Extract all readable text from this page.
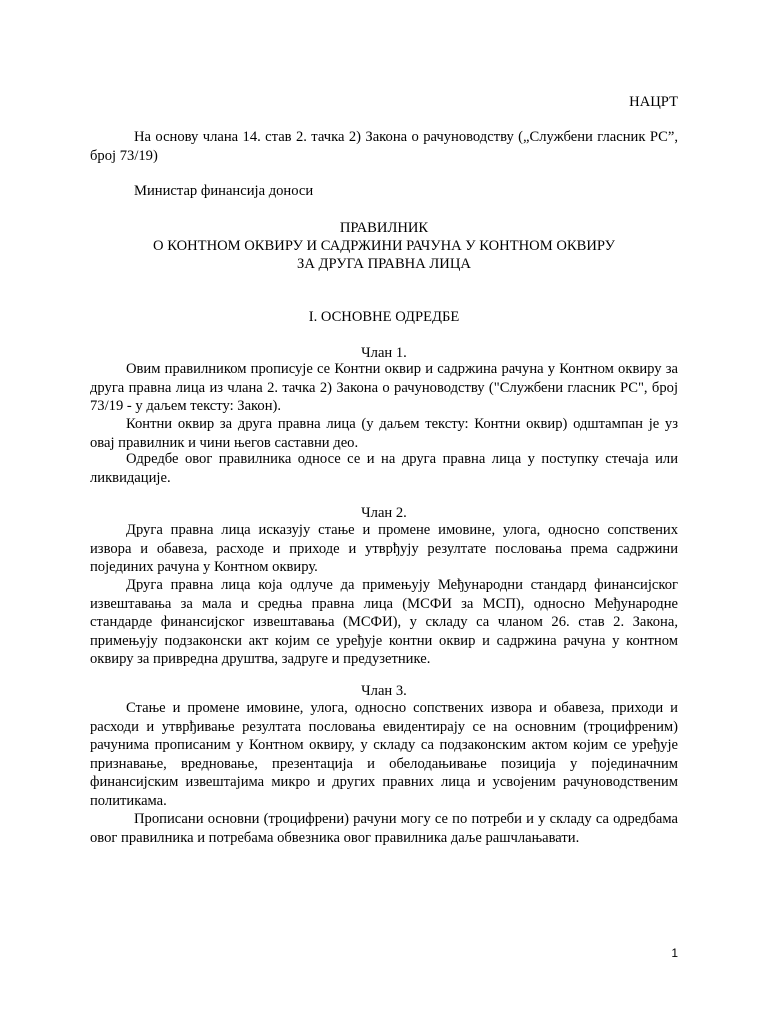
НАЦРТ

На основу члана 14. став 2. тачка 2) Закона о рачуноводству („Службени гласник РС”, број 73/19)

Министар финансија доноси

ПРАВИЛНИК

О КОНТНОМ ОКВИРУ И САДРЖИНИ РАЧУНА У КОНТНОМ ОКВИРУ

ЗА ДРУГА ПРАВНА ЛИЦА

I. ОСНОВНЕ ОДРЕДБЕ

Члан 1.

Овим правилником прописује се Контни оквир и садржина рачуна у Контном оквиру за друга правна лица из члана 2. тачка 2) Закона о рачуноводству ("Службени гласник РС", број 73/19 - у даљем тексту: Закон).

Контни оквир за друга правна лица (у даљем тексту: Контни оквир) одштампан је уз овај правилник и чини његов саставни део.

Одредбе овог правилника односе се и на друга правна лица у поступку стечаја или ликвидације.

Члан 2.

Друга правна лица исказују стање и промене имовине, улога, односно сопствених извора и обавеза, расходе и приходе и утврђују резултате пословања према садржини појединих рачуна у Контном оквиру.

Друга правна лица која одлуче да примењују Међународни стандард финансијског извештавања за мала и средња правна лица (МСФИ за МСП), односно Међународне стандарде финансијског извештавања (МСФИ), у складу са чланом 26. став 2. Закона, примењују подзаконски акт којим се уређује контни оквир и садржина рачуна у контном оквиру за привредна друштва, задруге и предузетнике.

Члан 3.

Стање и промене имовине, улога, односно сопствених извора и обавеза, приходи и расходи и утврђивање резултата пословања евидентирају се на основним (троцифреним) рачунима прописаним у Контном оквиру, у складу са подзаконским актом којим се уређује признавање, вредновање, презентација и обелодањивање позиција у појединачним финансијским извештајима микро и других правних лица и усвојеним рачуноводственим политикама.

Прописани основни (троцифрени) рачуни могу се по потреби и у складу са одредбама овог правилника и потребама обвезника овог правилника даље рашчлањавати.

1
